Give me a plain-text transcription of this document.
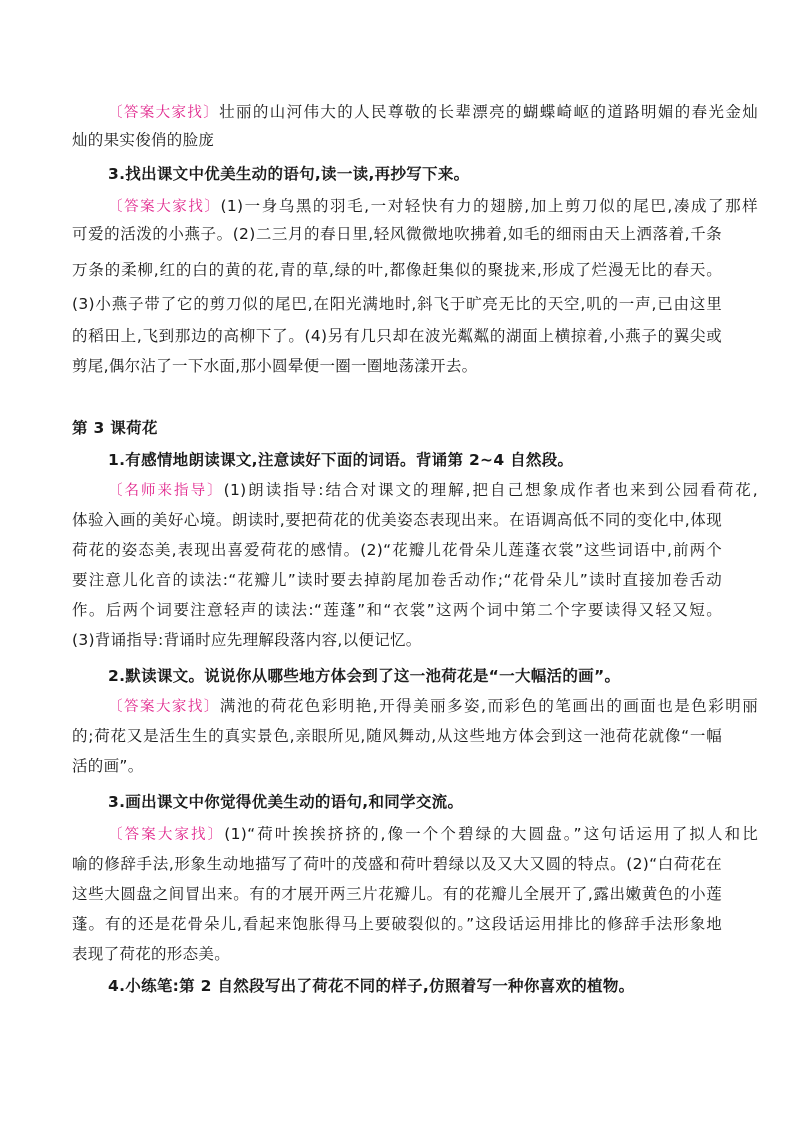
〔答案大家找〕壮丽的山河伟大的人民尊敬的长辈漂亮的蝴蝶崎岖的道路明媚的春光金灿
灿的果实俊俏的脸庞
3.找出课文中优美生动的语句,读一读,再抄写下来。
〔答案大家找〕(1)一身乌黑的羽毛,一对轻快有力的翅膀,加上剪刀似的尾巴,凑成了那样
可爱的活泼的小燕子。(2)二三月的春日里,轻风微微地吹拂着,如毛的细雨由天上洒落着,千条
万条的柔柳,红的白的黄的花,青的草,绿的叶,都像赶集似的聚拢来,形成了烂漫无比的春天。
(3)小燕子带了它的剪刀似的尾巴,在阳光满地时,斜飞于旷亮无比的天空,叽的一声,已由这里
的稻田上,飞到那边的高柳下了。(4)另有几只却在波光粼粼的湖面上横掠着,小燕子的翼尖或
剪尾,偶尔沾了一下水面,那小圆晕便一圈一圈地荡漾开去。
第 3 课荷花
1.有感情地朗读课文,注意读好下面的词语。背诵第 2~4 自然段。
〔名师来指导〕(1)朗读指导:结合对课文的理解,把自己想象成作者也来到公园看荷花,
体验入画的美好心境。朗读时,要把荷花的优美姿态表现出来。在语调高低不同的变化中,体现
荷花的姿态美,表现出喜爱荷花的感情。(2)“花瓣儿花骨朵儿莲蓬衣裳”这些词语中,前两个
要注意儿化音的读法:“花瓣儿”读时要去掉韵尾加卷舌动作;“花骨朵儿”读时直接加卷舌动
作。后两个词要注意轻声的读法:“莲蓬”和“衣裳”这两个词中第二个字要读得又轻又短。
(3)背诵指导:背诵时应先理解段落内容,以便记忆。
2.默读课文。说说你从哪些地方体会到了这一池荷花是“一大幅活的画”。
〔答案大家找〕满池的荷花色彩明艳,开得美丽多姿,而彩色的笔画出的画面也是色彩明丽
的;荷花又是活生生的真实景色,亲眼所见,随风舞动,从这些地方体会到这一池荷花就像“一幅
活的画”。
3.画出课文中你觉得优美生动的语句,和同学交流。
〔答案大家找〕(1)“荷叶挨挨挤挤的,像一个个碧绿的大圆盘。”这句话运用了拟人和比
喻的修辞手法,形象生动地描写了荷叶的茂盛和荷叶碧绿以及又大又圆的特点。(2)“白荷花在
这些大圆盘之间冒出来。有的才展开两三片花瓣儿。有的花瓣儿全展开了,露出嫩黄色的小莲
蓬。有的还是花骨朵儿,看起来饱胀得马上要破裂似的。”这段话运用排比的修辞手法形象地
表现了荷花的形态美。
4.小练笔:第 2 自然段写出了荷花不同的样子,仿照着写一种你喜欢的植物。
